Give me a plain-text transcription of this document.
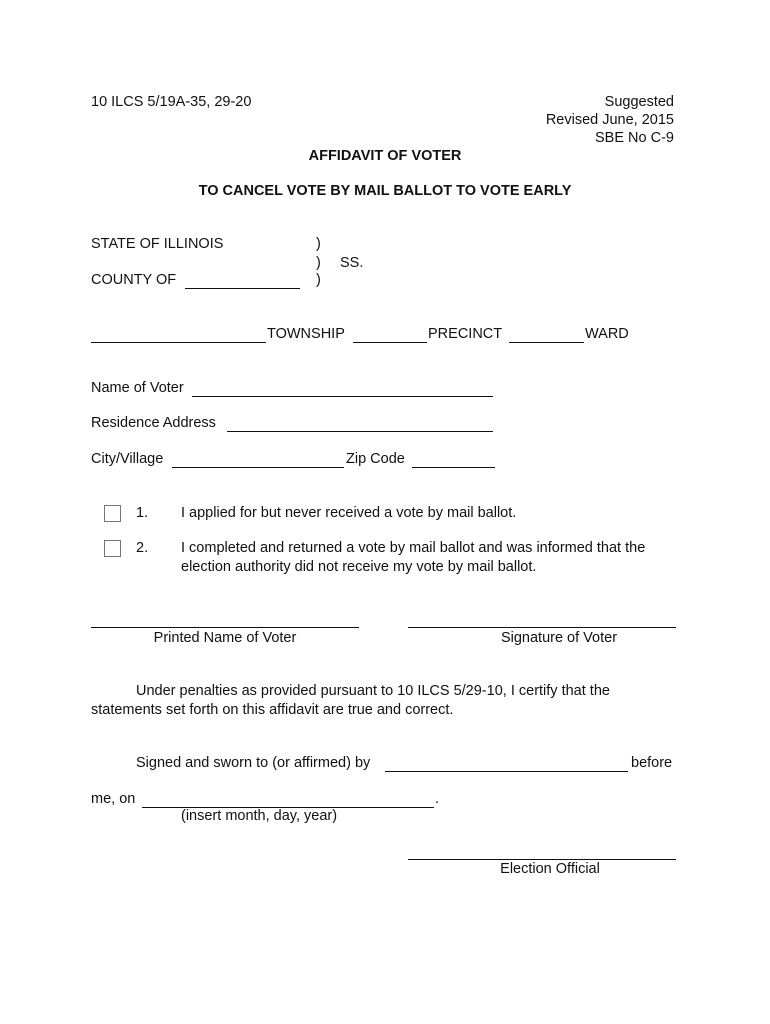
10 ILCS 5/19A-35, 29-20	Suggested
Revised June, 2015
SBE No C-9
AFFIDAVIT OF VOTER
TO CANCEL VOTE BY MAIL BALLOT TO VOTE EARLY
STATE OF ILLINOIS	)
) SS.
COUNTY OF	)
TOWNSHIP	PRECINCT	WARD
Name of Voter
Residence Address
City/Village	Zip Code
1. I applied for but never received a vote by mail ballot.
2. I completed and returned a vote by mail ballot and was informed that the
election authority did not receive my vote by mail ballot.
Printed Name of Voter	Signature of Voter
Under penalties as provided pursuant to 10 ILCS 5/29-10, I certify that the
statements set forth on this affidavit are true and correct.
Signed and sworn to (or affirmed) by	before
me, on	.
(insert month, day, year)
Election Official
